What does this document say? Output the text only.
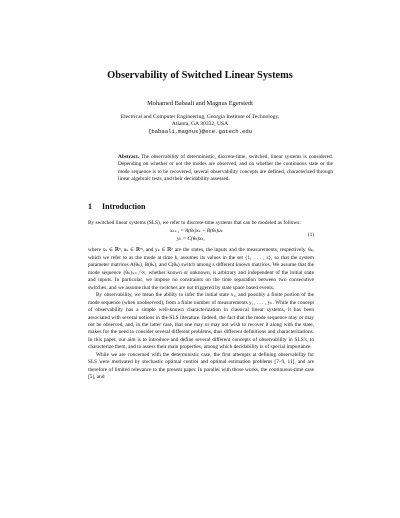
Observability of Switched Linear Systems
Mohamed Babaali and Magnus Egerstedt
Electrical and Computer Engineering, Georgia Institute of Technology,
Atlanta, GA 30332, USA
{babaali,magnus}@ece.gatech.edu
Abstract. The observability of deterministic, discrete-time, switched, linear systems is considered. Depending on whether or not the modes are observed, and on whether the continuous state or the mode sequence is to be recovered, several observability concepts are defined, characterized through linear algebraic tests, and their decidability assessed.
1 Introduction

By switched linear systems (SLS), we refer to discrete-time systems that can be modeled as follows:

xₖ₊₁ = A(θₖ)xₖ + B(θₖ)uₖ
yₖ = C(θₖ)xₖ,
(1)

where xₖ ∈ ℝⁿ, uₖ ∈ ℝᵐ, and yₖ ∈ ℝᵖ are the states, the inputs and the measurements, respectively. θₖ, which we refer to as the mode at time k, assumes its values in the set {1, . . . , s}, so that the system parameter matrices A(θₖ), B(θₖ), and C(θₖ) switch among s different known matrices. We assume that the mode sequence {θₖ}ₖ₌₁^∞, whether known or unknown, is arbitrary and independent of the initial state and inputs. In particular, we impose no constraints on the time separation between two consecutive switches, and we assume that the switches are not triggered by state space based events.

By observability, we mean the ability to infer the initial state x₁, and possibly a finite portion of the mode sequence (when unobserved), from a finite number of measurements y₁, . . . , yₙ. While the concept of observability has a simple well-known characterization in classical linear systems, it has been associated with several notions in the SLS literature. Indeed, the fact that the mode sequence may or may not be observed, and, in the latter case, that one may or may not wish to recover it along with the state, makes for the need to consider several different problems, thus different definitions and characterizations. In this paper, our aim is to introduce and define several different concepts of observability in SLS's, to characterize them, and to assess their main properties, among which decidability is of special importance.

While we are concerned with the deterministic case, the first attempts at defining observability for SLS were motivated by stochastic optimal control and optimal estimation problems [7–9, 11], and are therefore of limited relevance to the present paper. In parallel with those works, the continuous-time case [5], and
